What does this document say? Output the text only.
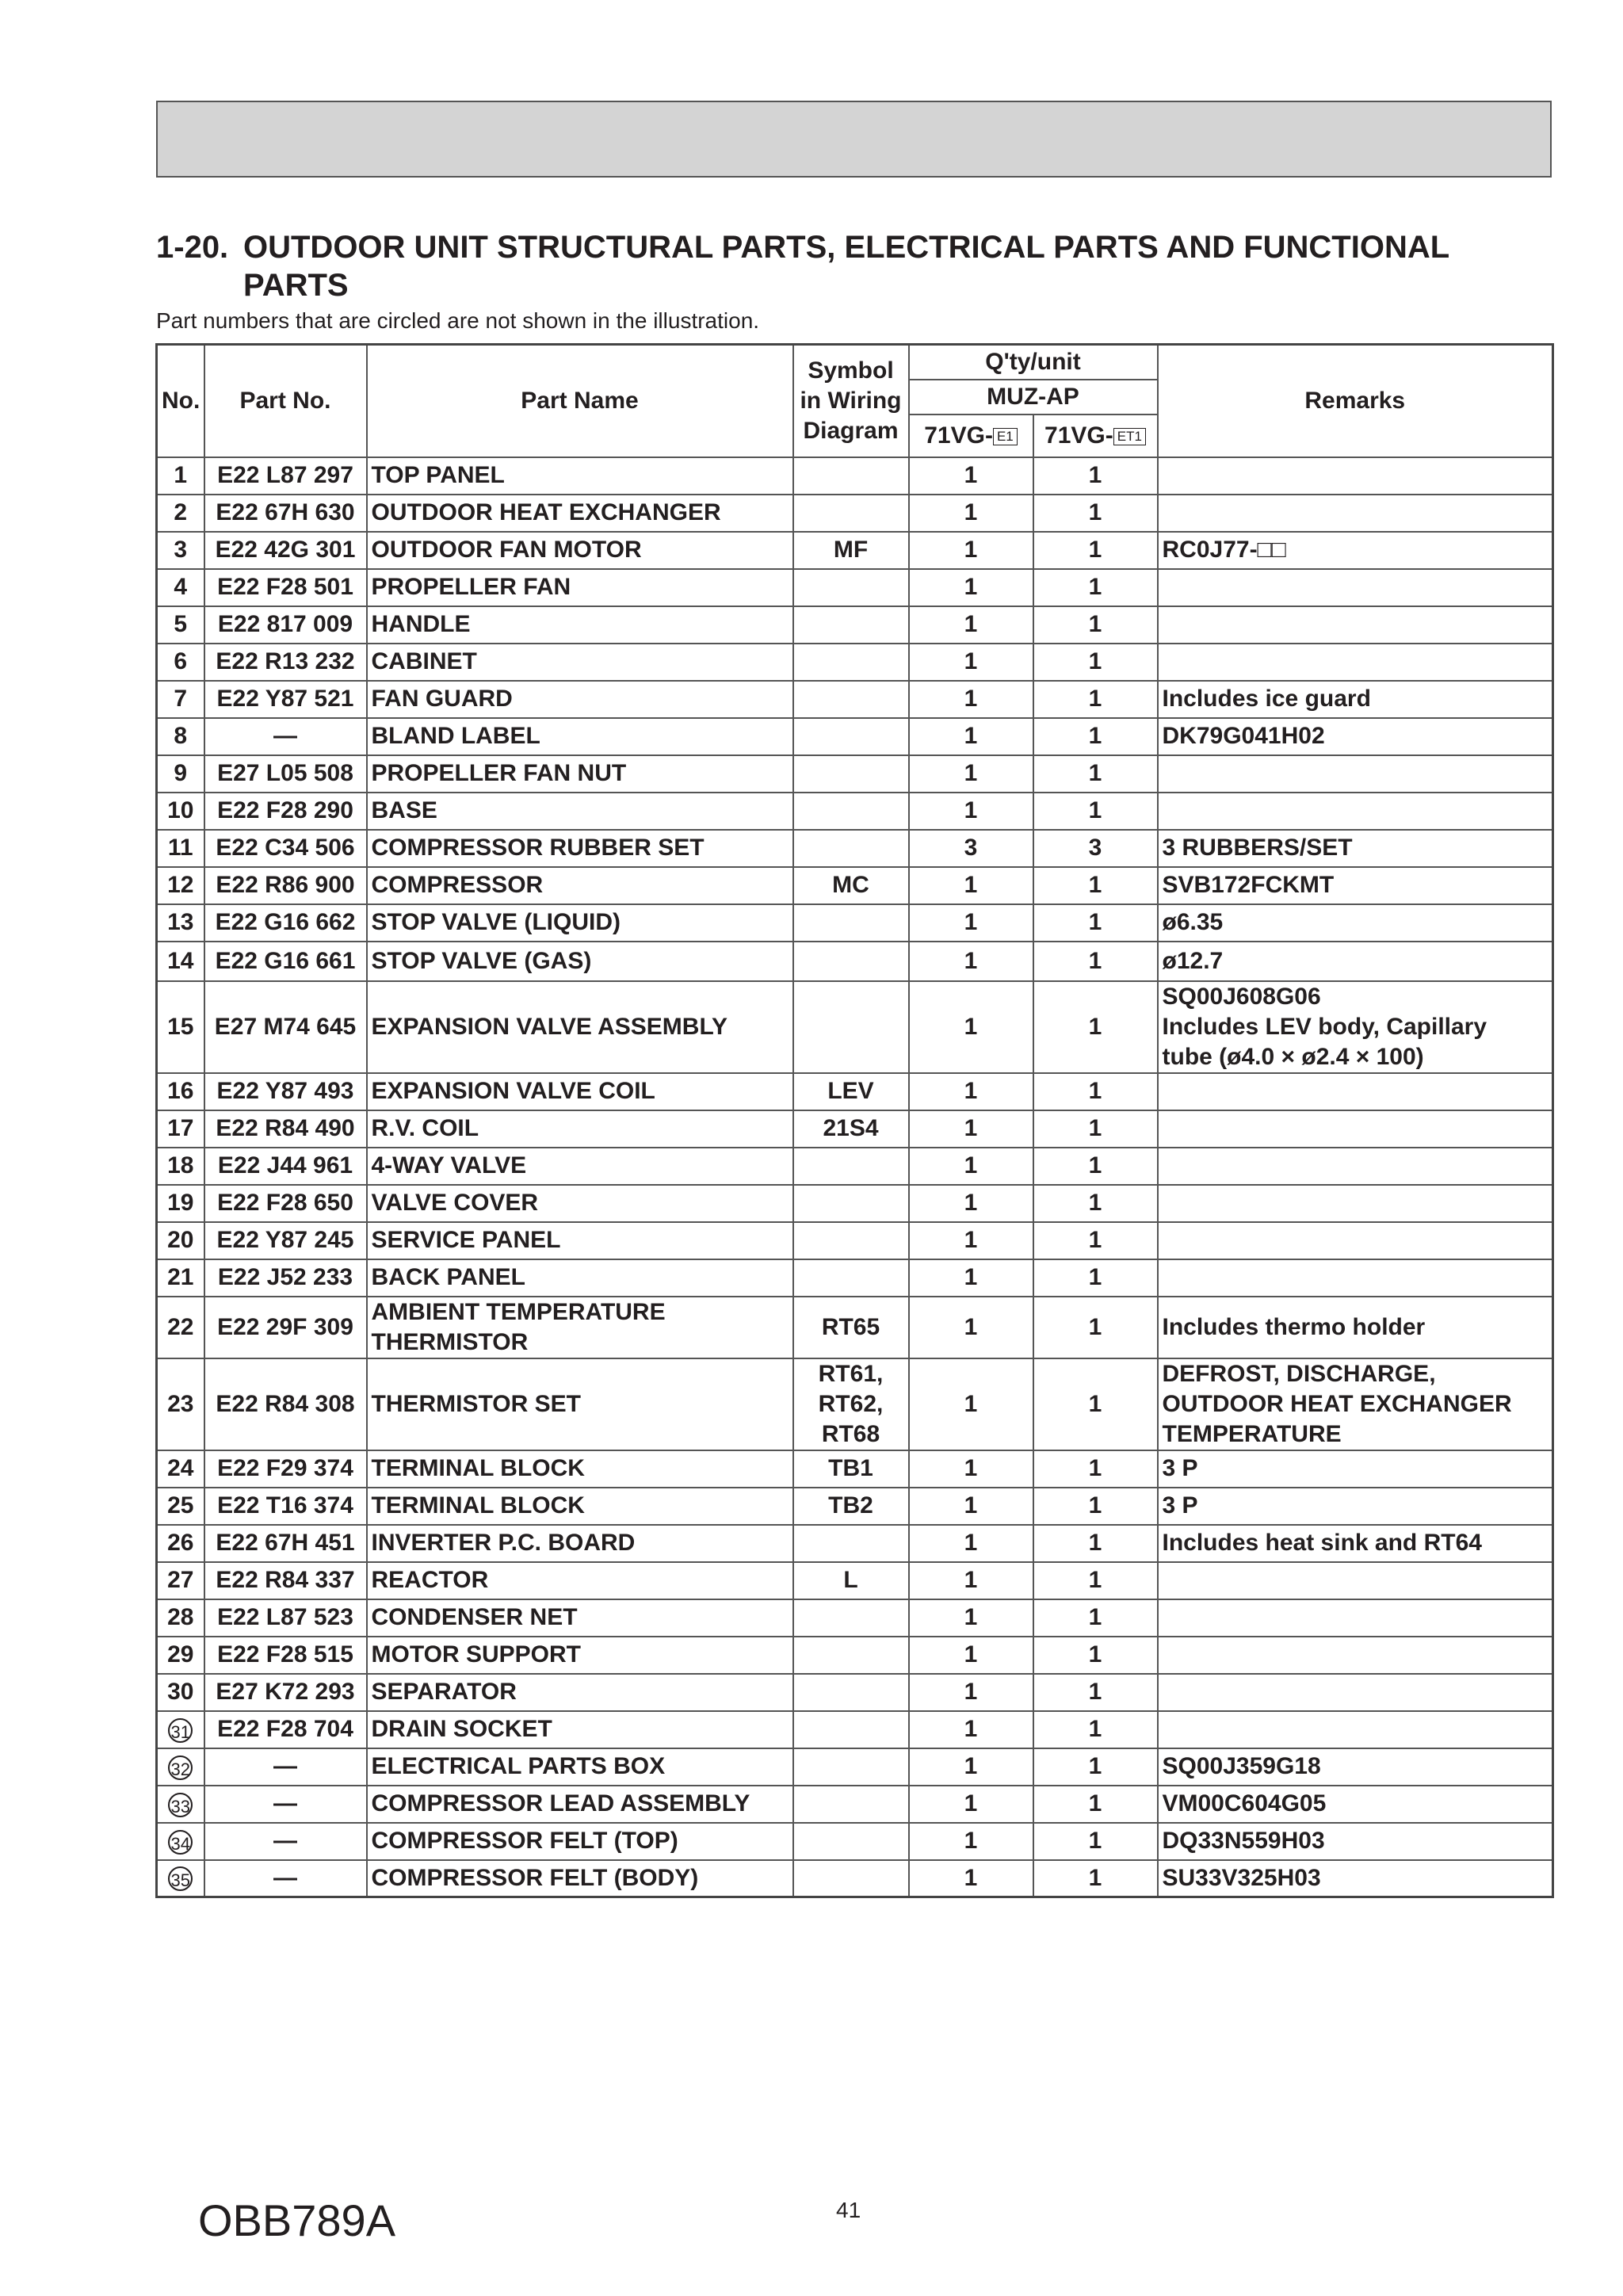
1-20. OUTDOOR UNIT STRUCTURAL PARTS, ELECTRICAL PARTS AND FUNCTIONAL
PARTS
Part numbers that are circled are not shown in the illustration.
No.	Part No.	Part Name	Symbol
in Wiring
Diagram	Q'ty/unit		Remarks
				MUZ-AP		
				71VG- E1	71VG- ET1	
1	E22 L87 297	TOP PANEL		1	1	
2	E22 67H 630	OUTDOOR HEAT EXCHANGER		1	1	
3	E22 42G 301	OUTDOOR FAN MOTOR	MF	1	1	RC0J77-□□
4	E22 F28 501	PROPELLER FAN		1	1	
5	E22 817 009	HANDLE		1	1	
6	E22 R13 232	CABINET		1	1	
7	E22 Y87 521	FAN GUARD		1	1	Includes ice guard
8	—	BLAND LABEL		1	1	DK79G041H02
9	E27 L05 508	PROPELLER FAN NUT		1	1	
10	E22 F28 290	BASE		1	1	
11	E22 C34 506	COMPRESSOR RUBBER SET		3	3	3 RUBBERS/SET
12	E22 R86 900	COMPRESSOR	MC	1	1	SVB172FCKMT
13	E22 G16 662	STOP VALVE (LIQUID)		1	1	ø6.35
14	E22 G16 661	STOP VALVE (GAS)		1	1	ø12.7
15	E27 M74 645	EXPANSION VALVE ASSEMBLY		1	1	SQ00J608G06
Includes LEV body, Capillary
tube (ø4.0 × ø2.4 × 100)
16	E22 Y87 493	EXPANSION VALVE COIL	LEV	1	1	
17	E22 R84 490	R.V. COIL	21S4	1	1	
18	E22 J44 961	4-WAY VALVE		1	1	
19	E22 F28 650	VALVE COVER		1	1	
20	E22 Y87 245	SERVICE PANEL		1	1	
21	E22 J52 233	BACK PANEL		1	1	
22	E22 29F 309	AMBIENT TEMPERATURE
THERMISTOR	RT65	1	1	Includes thermo holder
23	E22 R84 308	THERMISTOR SET	RT61,
RT62,
RT68	1	1	DEFROST, DISCHARGE,
OUTDOOR HEAT EXCHANGER
TEMPERATURE
24	E22 F29 374	TERMINAL BLOCK	TB1	1	1	3 P
25	E22 T16 374	TERMINAL BLOCK	TB2	1	1	3 P
26	E22 67H 451	INVERTER P.C. BOARD		1	1	Includes heat sink and RT64
27	E22 R84 337	REACTOR	L	1	1	
28	E22 L87 523	CONDENSER NET		1	1	
29	E22 F28 515	MOTOR SUPPORT		1	1	
30	E27 K72 293	SEPARATOR		1	1	
31	E22 F28 704	DRAIN SOCKET		1	1	
32	—	ELECTRICAL PARTS BOX		1	1	SQ00J359G18
33	—	COMPRESSOR LEAD ASSEMBLY		1	1	VM00C604G05
34	—	COMPRESSOR FELT (TOP)		1	1	DQ33N559H03
35	—	COMPRESSOR FELT (BODY)		1	1	SU33V325H03
OBB789A	41
